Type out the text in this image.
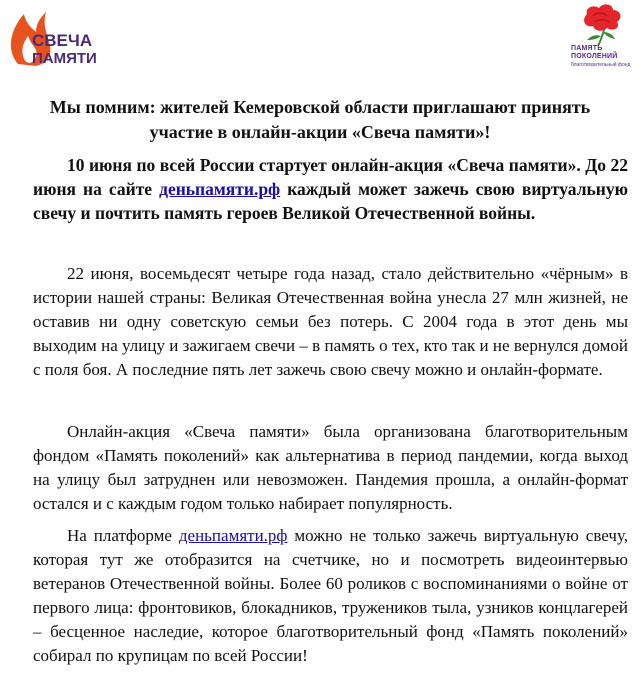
СВЕЧА
ПАМЯТИ
ПАМЯТЬ
ПОКОЛЕНИЙ
благотворительный фонд
Мы помним: жителей Кемеровской области приглашают принять участие в онлайн-акции «Свеча памяти»!
10 июня по всей России стартует онлайн-акция «Свеча памяти». До 22 июня на сайте деньпамяти.рф каждый может зажечь свою виртуальную свечу и почтить память героев Великой Отечественной войны.
22 июня, восемьдесят четыре года назад, стало действительно «чёрным» в истории нашей страны: Великая Отечественная война унесла 27 млн жизней, не оставив ни одну советскую семьи без потерь. С 2004 года в этот день мы выходим на улицу и зажигаем свечи – в память о тех, кто так и не вернулся домой с поля боя. А последние пять лет зажечь свою свечу можно и онлайн-формате.
Онлайн-акция «Свеча памяти» была организована благотворительным фондом «Память поколений» как альтернатива в период пандемии, когда выход на улицу был затруднен или невозможен. Пандемия прошла, а онлайн-формат остался и с каждым годом только набирает популярность.
На платформе деньпамяти.рф можно не только зажечь виртуальную свечу, которая тут же отобразится на счетчике, но и посмотреть видеоинтервью ветеранов Отечественной войны. Более 60 роликов с воспоминаниями о войне от первого лица: фронтовиков, блокадников, тружеников тыла, узников концлагерей – бесценное наследие, которое благотворительный фонд «Память поколений» собирал по крупицам по всей России!
